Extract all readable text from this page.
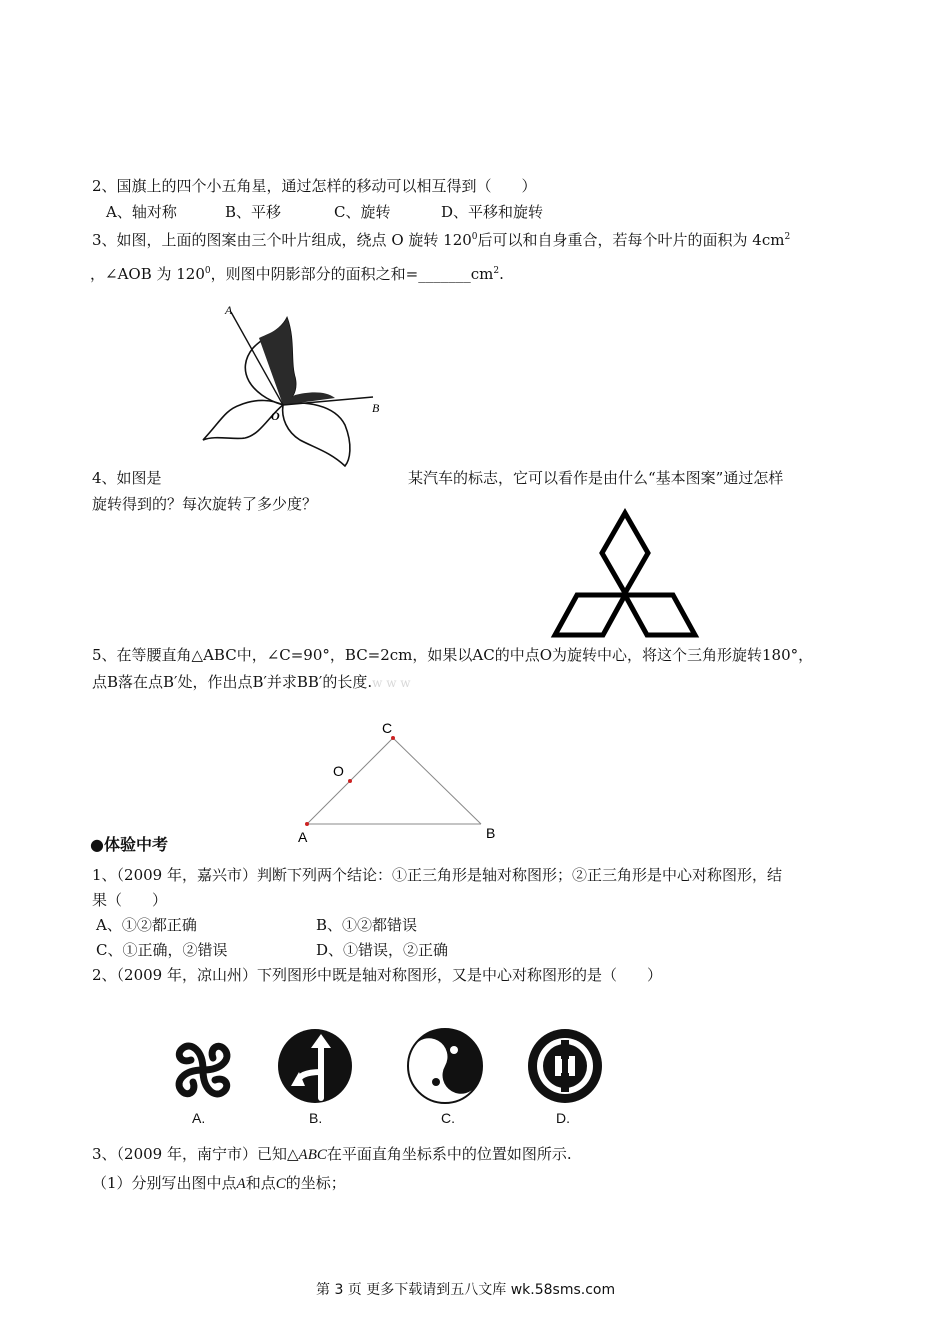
2、国旗上的四个小五角星，通过怎样的移动可以相互得到（　　）
A、轴对称	B、平移	C、旋转	D、平移和旋转
3、如图，上面的图案由三个叶片组成，绕点 O 旋转 $120^0$后可以和自身重合，若每个叶片的面积为 $4cm^2$
，∠AOB 为 $120^0$，则图中阴影部分的面积之和$=\_\_\_\_\_\_\_cm^2$.
A
O
B
4、如图是	某汽车的标志，它可以看作是由什么“基本图案”通过怎样
旋转得到的？每次旋转了多少度？
5、在等腰直角△ABC中，∠C=90°，BC=2cm，如果以AC的中点O为旋转中心，将这个三角形旋转180°，
点B落在点B′处，作出点B′并求BB′的长度.w w w
C
O
A	B
●体验中考
1、（2009 年，嘉兴市）判断下列两个结论：①正三角形是轴对称图形；②正三角形是中心对称图形，结
果（　　）
A、①②都正确	B、①②都错误
C、①正确，②错误	D、①错误，②正确
2、（2009 年，凉山州）下列图形中既是轴对称图形，又是中心对称图形的是（　　）
A.	B.	C.	D.
3、（2009 年，南宁市）已知△ABC在平面直角坐标系中的位置如图所示.
（1）分别写出图中点A和点C的坐标；
第 3 页 更多下载请到五八文库 wk.58sms.com
